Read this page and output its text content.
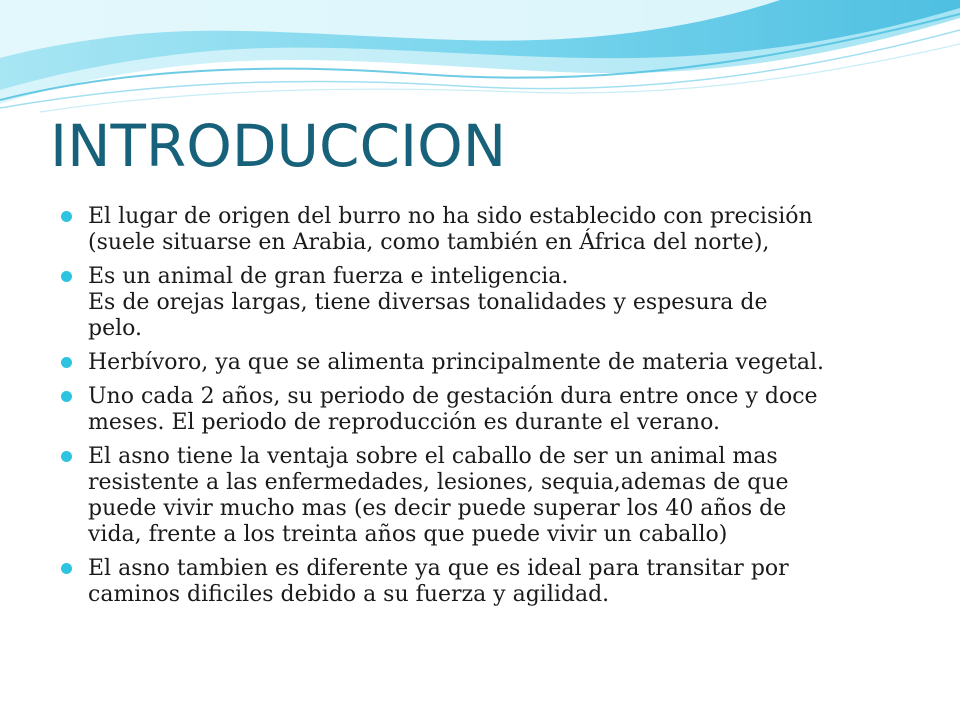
INTRODUCCION
El lugar de origen del burro no ha sido establecido con precisión
(suele situarse en Arabia, como también en África del norte),
Es un animal de gran fuerza e inteligencia.
Es de orejas largas, tiene diversas tonalidades y espesura de
pelo.
Herbívoro, ya que se alimenta principalmente de materia vegetal.
Uno cada 2 años, su periodo de gestación dura entre once y doce
meses. El periodo de reproducción es durante el verano.
El asno tiene la ventaja sobre el caballo de ser un animal mas
resistente a las enfermedades, lesiones, sequia,ademas de que
puede vivir mucho mas (es decir puede superar los 40 años de
vida, frente a los treinta años que puede vivir un caballo)
El asno tambien es diferente ya que es ideal para transitar por
caminos dificiles debido a su fuerza y agilidad.
